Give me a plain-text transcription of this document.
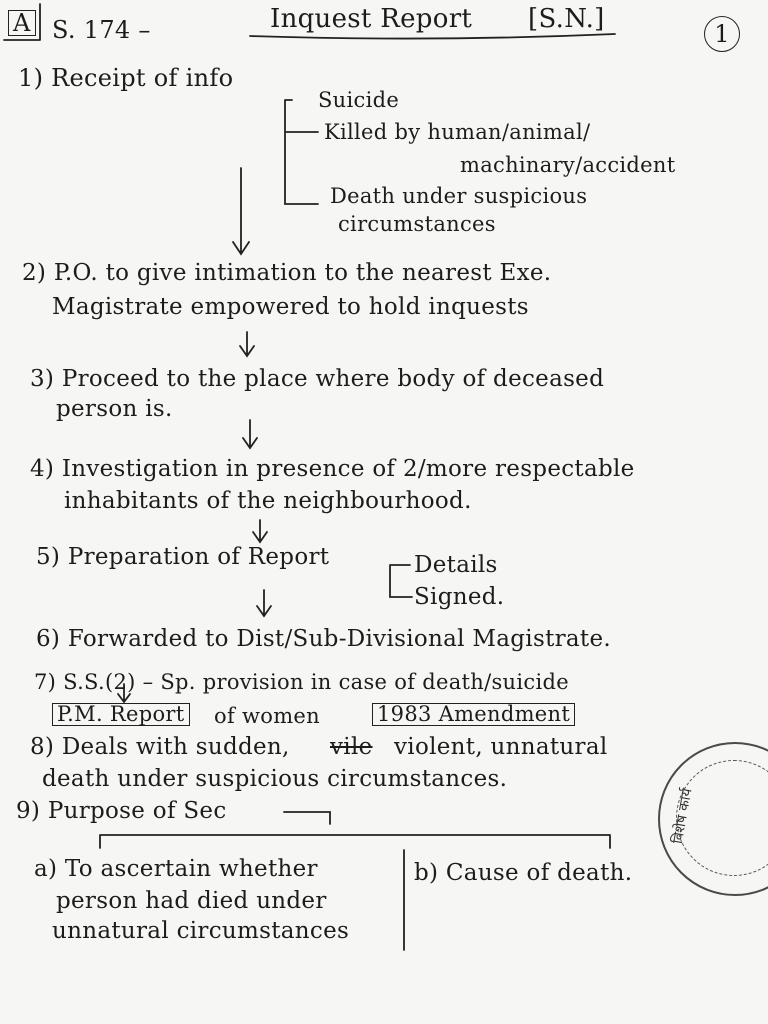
A S. 174 –	Inquest Report [S.N.]	1
1) Receipt of info
Suicide
Killed by human/animal/
machinary/accident
Death under suspicious
circumstances
2) P.O. to give intimation to the nearest Exe.
Magistrate empowered to hold inquests
3) Proceed to the place where body of deceased
person is.
4) Investigation in presence of 2/more respectable
inhabitants of the neighbourhood.
5) Preparation of Report	Details
Signed.
6) Forwarded to Dist/Sub-Divisional Magistrate.
7) S.S.(2) – Sp. provision in case of death/suicide
P.M. Report of women	1983 Amendment
8) Deals with sudden, vile violent, unnatural
death under suspicious circumstances.
9) Purpose of Sec
a) To ascertain whether
person had died under
unnatural circumstances
b) Cause of death.
विशेष कार्य
